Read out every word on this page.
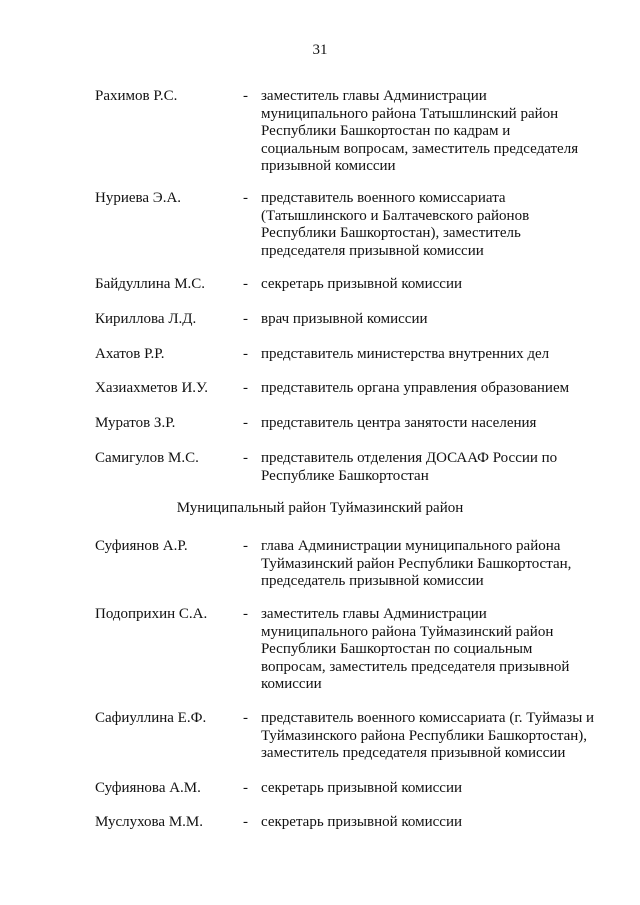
31
Рахимов Р.С.	- заместитель главы Администрации
муниципального района Татышлинский район
Республики Башкортостан по кадрам и
социальным вопросам, заместитель председателя
призывной комиссии
Нуриева Э.А.	- представитель военного комиссариата
(Татышлинского и Балтачевского районов
Республики Башкортостан), заместитель
председателя призывной комиссии
Байдуллина М.С.	- секретарь призывной комиссии
Кириллова Л.Д.	- врач призывной комиссии
Ахатов Р.Р.	- представитель министерства внутренних дел
Хазиахметов И.У. - представитель органа управления образованием
Муратов З.Р.	- представитель центра занятости населения
Самигулов М.С.	- представитель отделения ДОСААФ России по
Республике Башкортостан
Муниципальный район Туймазинский район
Суфиянов А.Р.	- глава Администрации муниципального района
Туймазинский район Республики Башкортостан,
председатель призывной комиссии
Подоприхин С.А. - заместитель главы Администрации
муниципального района Туймазинский район
Республики Башкортостан по социальным
вопросам, заместитель председателя призывной
комиссии
Сафиуллина Е.Ф. - представитель военного комиссариата (г. Туймазы и
Туймазинского района Республики Башкортостан),
заместитель председателя призывной комиссии
Суфиянова А.М.	- секретарь призывной комиссии
Муслухова М.М.	- секретарь призывной комиссии
